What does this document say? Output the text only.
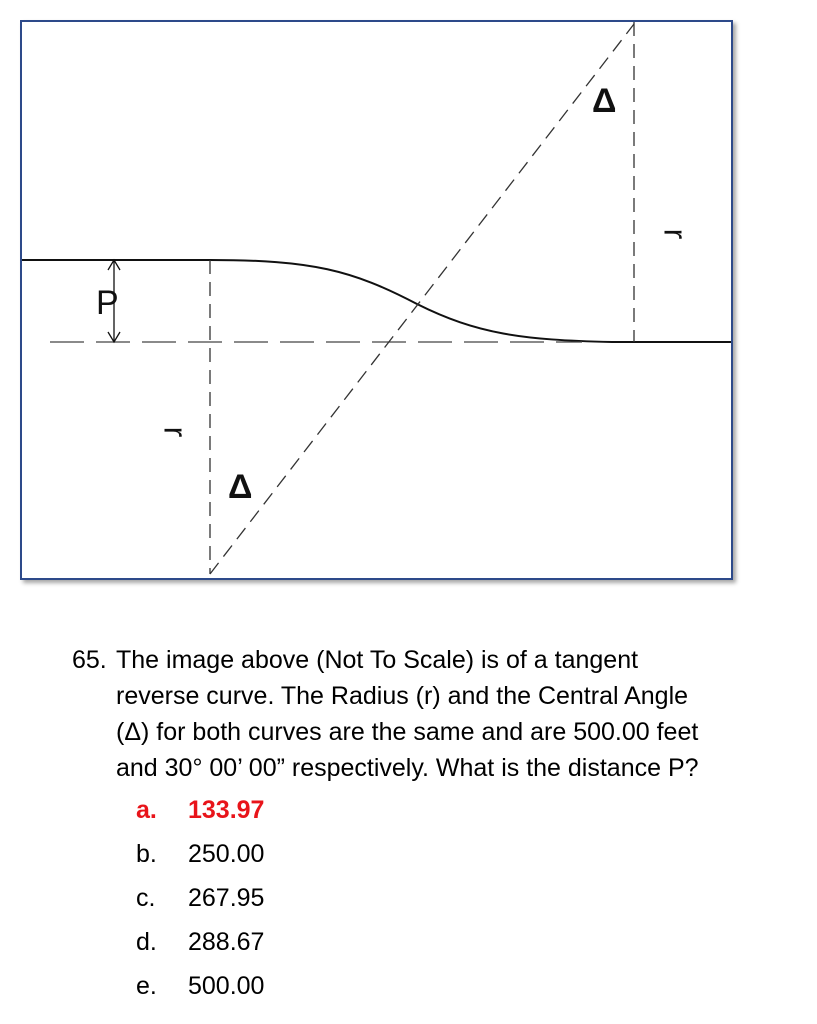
P
Δ
Δ
r
r
65. The image above (Not To Scale) is of a tangent
reverse curve. The Radius (r) and the Central Angle
(Δ) for both curves are the same and are 500.00 feet
and 30° 00’ 00” respectively. What is the distance P?
a. 133.97
b. 250.00
c. 267.95
d. 288.67
e. 500.00
